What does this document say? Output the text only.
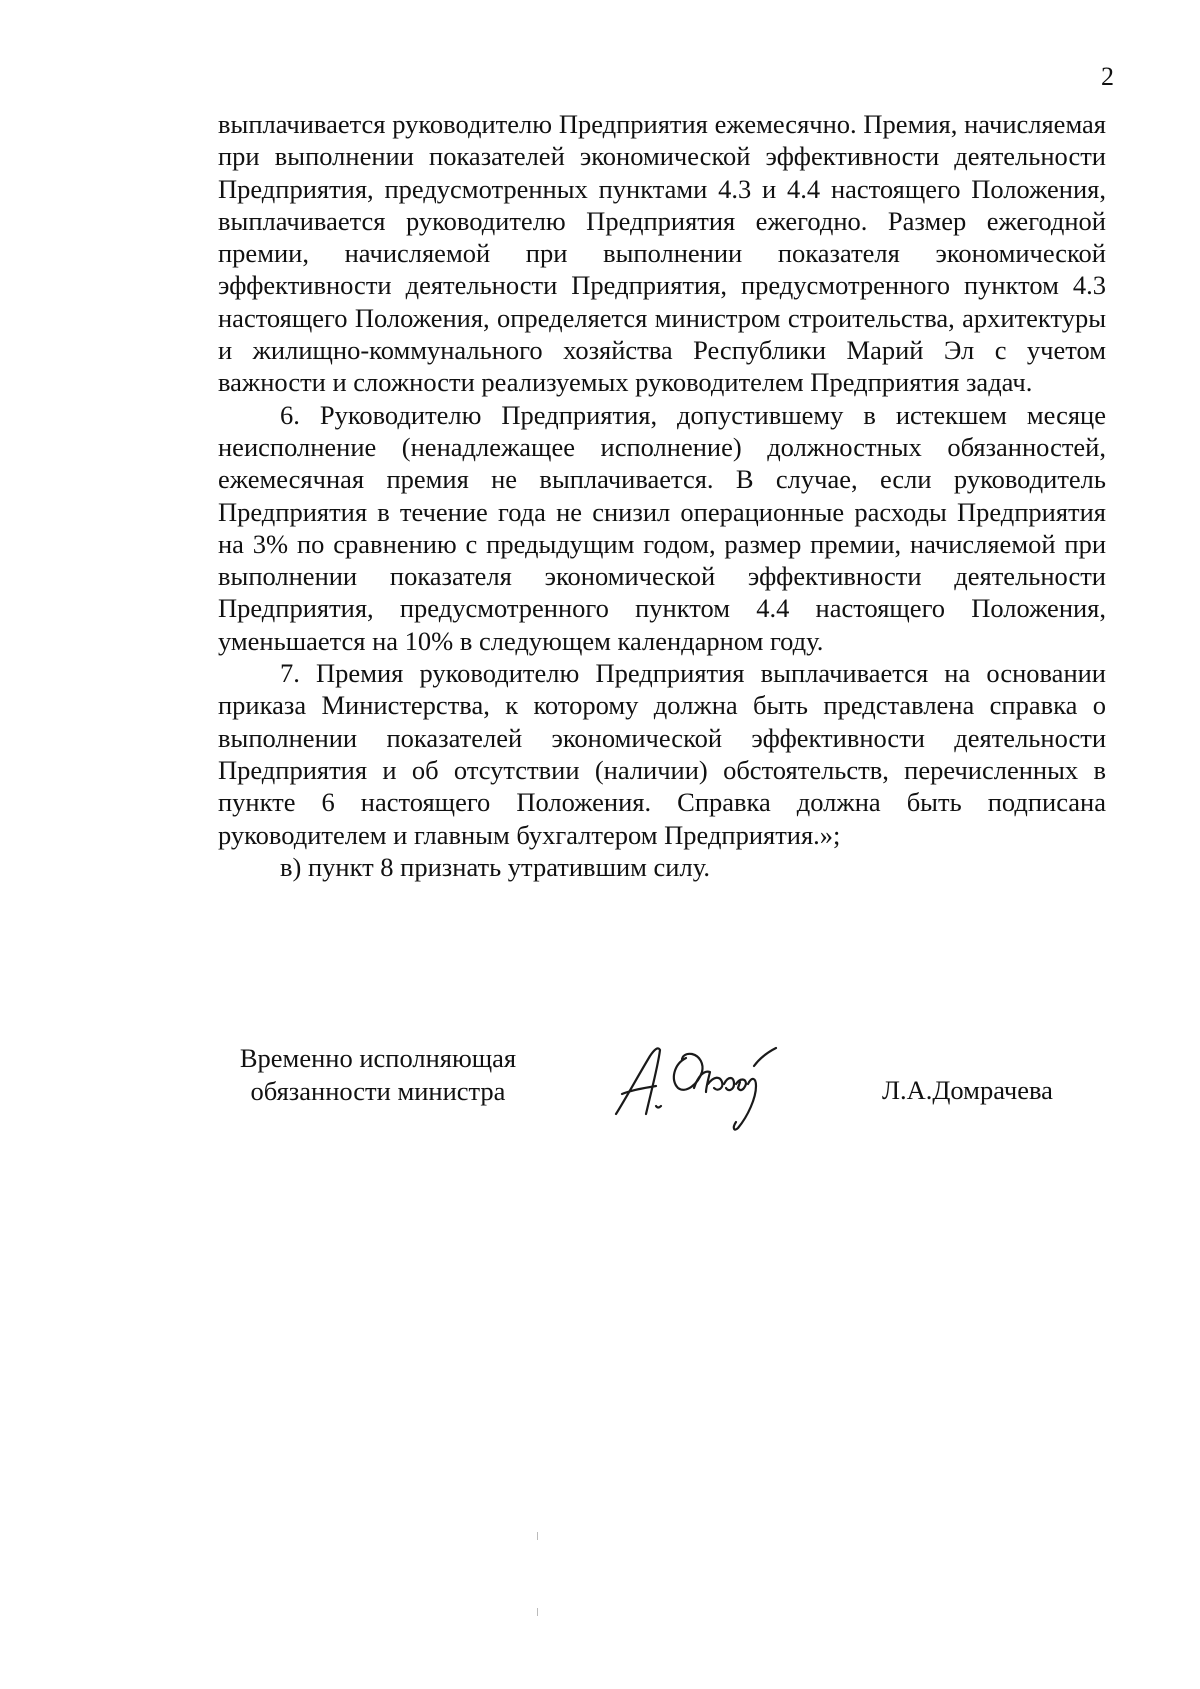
2

выплачивается руководителю Предприятия ежемесячно. Премия, начисляемая при выполнении показателей экономической эффективности деятельности Предприятия, предусмотренных пунктами 4.3 и 4.4 настоящего Положения, выплачивается руководителю Предприятия ежегодно. Размер ежегодной премии, начисляемой при выполнении показателя экономической эффективности деятельности Предприятия, предусмотренного пунктом 4.3 настоящего Положения, определяется министром строительства, архитектуры и жилищно-коммунального хозяйства Республики Марий Эл с учетом важности и сложности реализуемых руководителем Предприятия задач.

6. Руководителю Предприятия, допустившему в истекшем месяце неисполнение (ненадлежащее исполнение) должностных обязанностей, ежемесячная премия не выплачивается. В случае, если руководитель Предприятия в течение года не снизил операционные расходы Предприятия на 3% по сравнению с предыдущим годом, размер премии, начисляемой при выполнении показателя экономической эффективности деятельности Предприятия, предусмотренного пунктом 4.4 настоящего Положения, уменьшается на 10% в следующем календарном году.

7. Премия руководителю Предприятия выплачивается на основании приказа Министерства, к которому должна быть представлена справка о выполнении показателей экономической эффективности деятельности Предприятия и об отсутствии (наличии) обстоятельств, перечисленных в пункте 6 настоящего Положения. Справка должна быть подписана руководителем и главным бухгалтером Предприятия.»;

в) пункт 8 признать утратившим силу.

Временно исполняющая
обязанности министра	Л.А.Домрачева
